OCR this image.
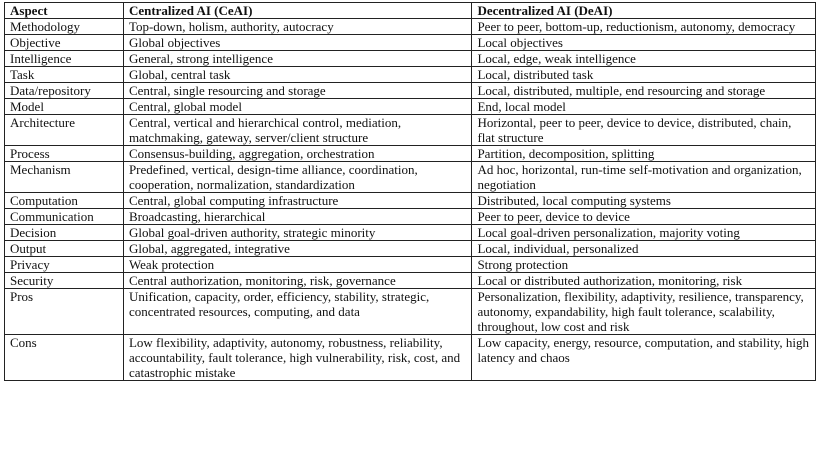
Aspect	Centralized AI (CeAI)	Decentralized AI (DeAI)
Methodology	Top-down, holism, authority, autocracy	Peer to peer, bottom-up, reductionism, autonomy, democracy
Objective	Global objectives	Local objectives
Intelligence	General, strong intelligence	Local, edge, weak intelligence
Task	Global, central task	Local, distributed task
Data/repository	Central, single resourcing and storage	Local, distributed, multiple, end resourcing and storage
Model	Central, global model	End, local model
Architecture	Central, vertical and hierarchical control, mediation, matchmaking, gateway, server/client structure	Horizontal, peer to peer, device to device, distributed, chain, flat structure
Process	Consensus-building, aggregation, orchestration	Partition, decomposition, splitting
Mechanism	Predefined, vertical, design-time alliance, coordination, cooperation, normalization, standardization	Ad hoc, horizontal, run-time self-motivation and organization, negotiation
Computation	Central, global computing infrastructure	Distributed, local computing systems
Communication	Broadcasting, hierarchical	Peer to peer, device to device
Decision	Global goal-driven authority, strategic minority	Local goal-driven personalization, majority voting
Output	Global, aggregated, integrative	Local, individual, personalized
Privacy	Weak protection	Strong protection
Security	Central authorization, monitoring, risk, governance	Local or distributed authorization, monitoring, risk
Pros	Unification, capacity, order, efficiency, stability, strategic, concentrated resources, computing, and data	Personalization, flexibility, adaptivity, resilience, transparency, autonomy, expandability, high fault tolerance, scalability, throughout, low cost and risk
Cons	Low flexibility, adaptivity, autonomy, robustness, reliability, accountability, fault tolerance, high vulnerability, risk, cost, and catastrophic mistake	Low capacity, energy, resource, computation, and stability, high latency and chaos
